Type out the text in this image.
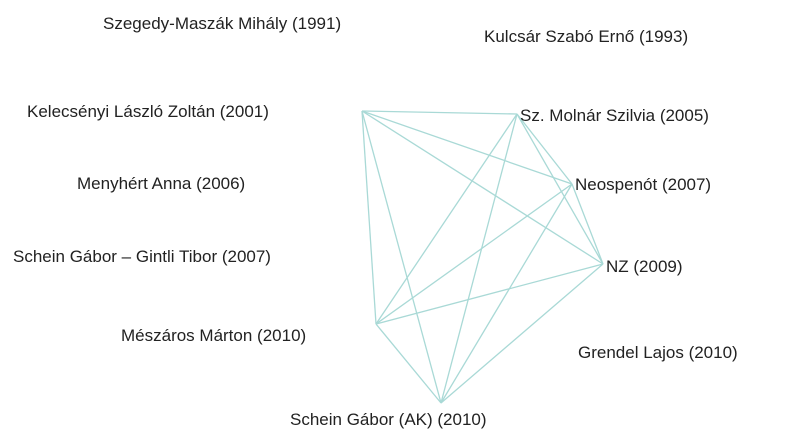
Szegedy-Maszák Mihály (1991)
Kulcsár Szabó Ernő (1993)
Kelecsényi László Zoltán (2001)	Sz. Molnár Szilvia (2005)
Menyhért Anna (2006)	Neospenót (2007)
Schein Gábor – Gintli Tibor (2007)
NZ (2009)
Mészáros Márton (2010)
Grendel Lajos (2010)
Schein Gábor (AK) (2010)
